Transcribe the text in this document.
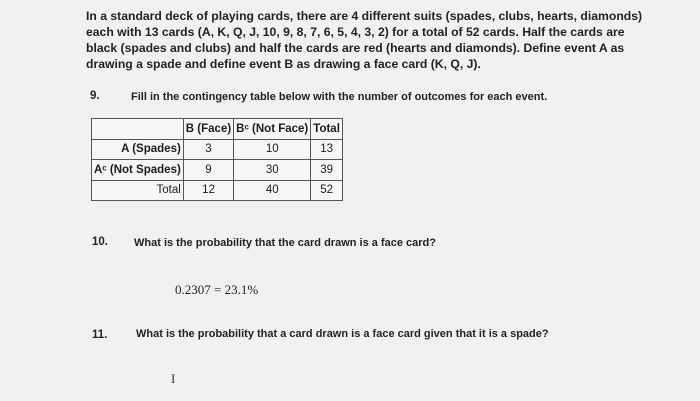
In a standard deck of playing cards, there are 4 different suits (spades, clubs, hearts, diamonds)

each with 13 cards (A, K, Q, J, 10, 9, 8, 7, 6, 5, 4, 3, 2) for a total of 52 cards. Half the cards are

black (spades and clubs) and half the cards are red (hearts and diamonds). Define event A as

drawing a spade and define event B as drawing a face card (K, Q, J).

9.	Fill in the contingency table below with the number of outcomes for each event.
	B (Face)	Bᶜ (Not Face)	Total
A (Spades)	3	10	13
Aᶜ (Not Spades)	9	30	39
Total	12	40	52
10. What is the probability that the card drawn is a face card?
0.2307 = 23.1%
11.	What is the probability that a card drawn is a face card given that it is a spade?
I
